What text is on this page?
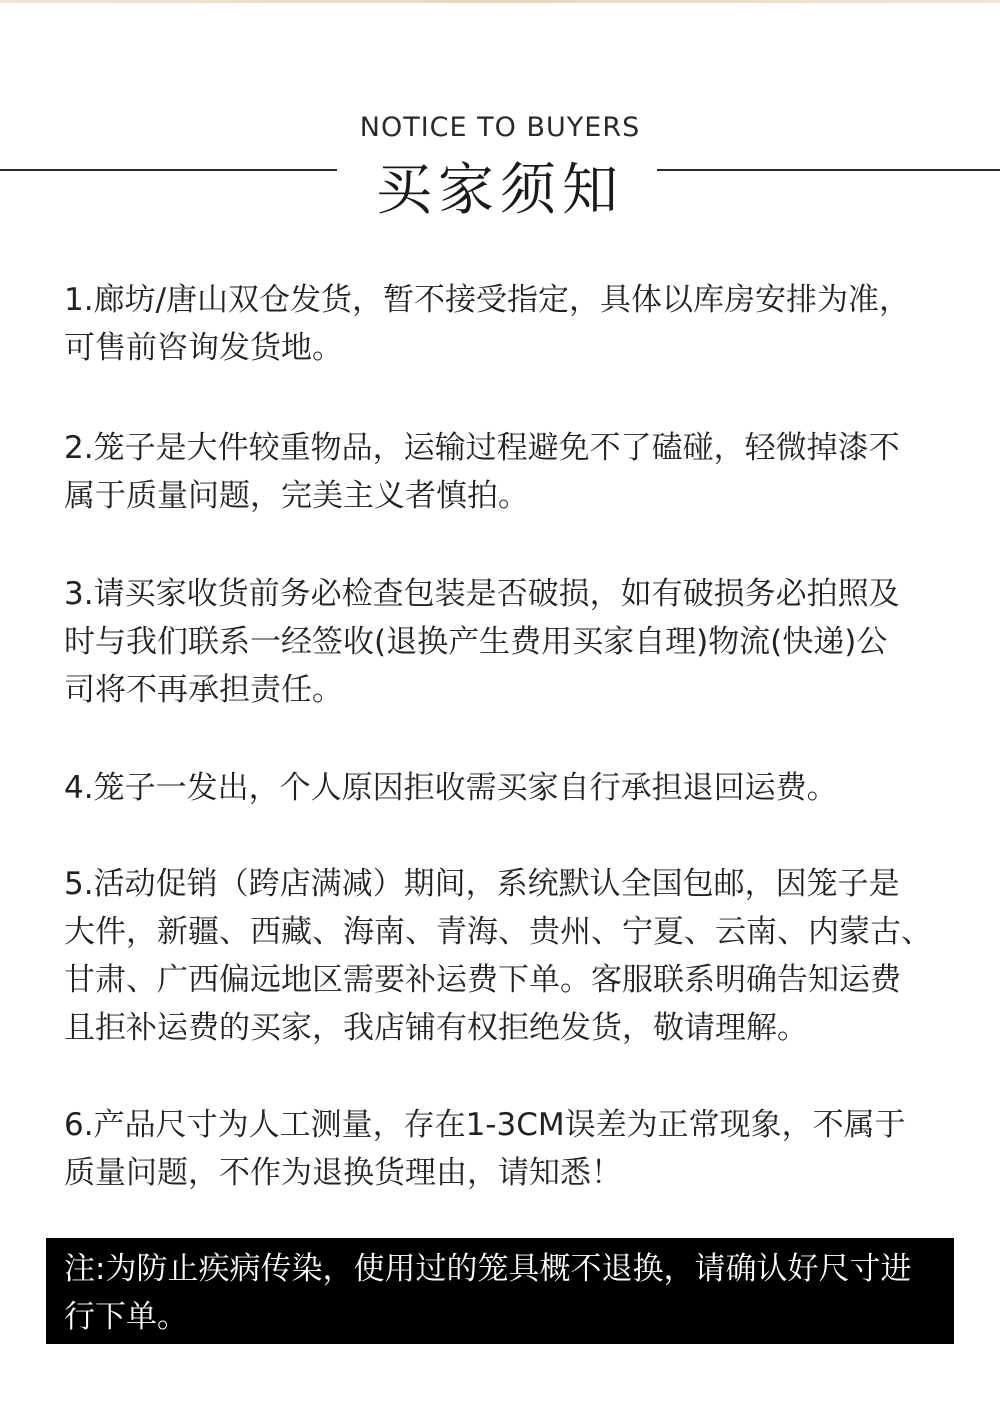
NOTICE TO BUYERS
买家须知
1.廊坊/唐山双仓发货，暂不接受指定，具体以库房安排为准，
可售前咨询发货地。
2.笼子是大件较重物品，运输过程避免不了磕碰，轻微掉漆不
属于质量问题，完美主义者慎拍。
3.请买家收货前务必检查包装是否破损，如有破损务必拍照及
时与我们联系一经签收(退换产生费用买家自理)物流(快递)公
司将不再承担责任。
4.笼子一发出，个人原因拒收需买家自行承担退回运费。
5.活动促销（跨店满减）期间，系统默认全国包邮，因笼子是
大件，新疆、西藏、海南、青海、贵州、宁夏、云南、内蒙古、
甘肃、广西偏远地区需要补运费下单。客服联系明确告知运费
且拒补运费的买家，我店铺有权拒绝发货，敬请理解。
6.产品尺寸为人工测量，存在1-3CM误差为正常现象，不属于
质量问题，不作为退换货理由，请知悉！
注:为防止疾病传染，使用过的笼具概不退换，请确认好尺寸进
行下单。
